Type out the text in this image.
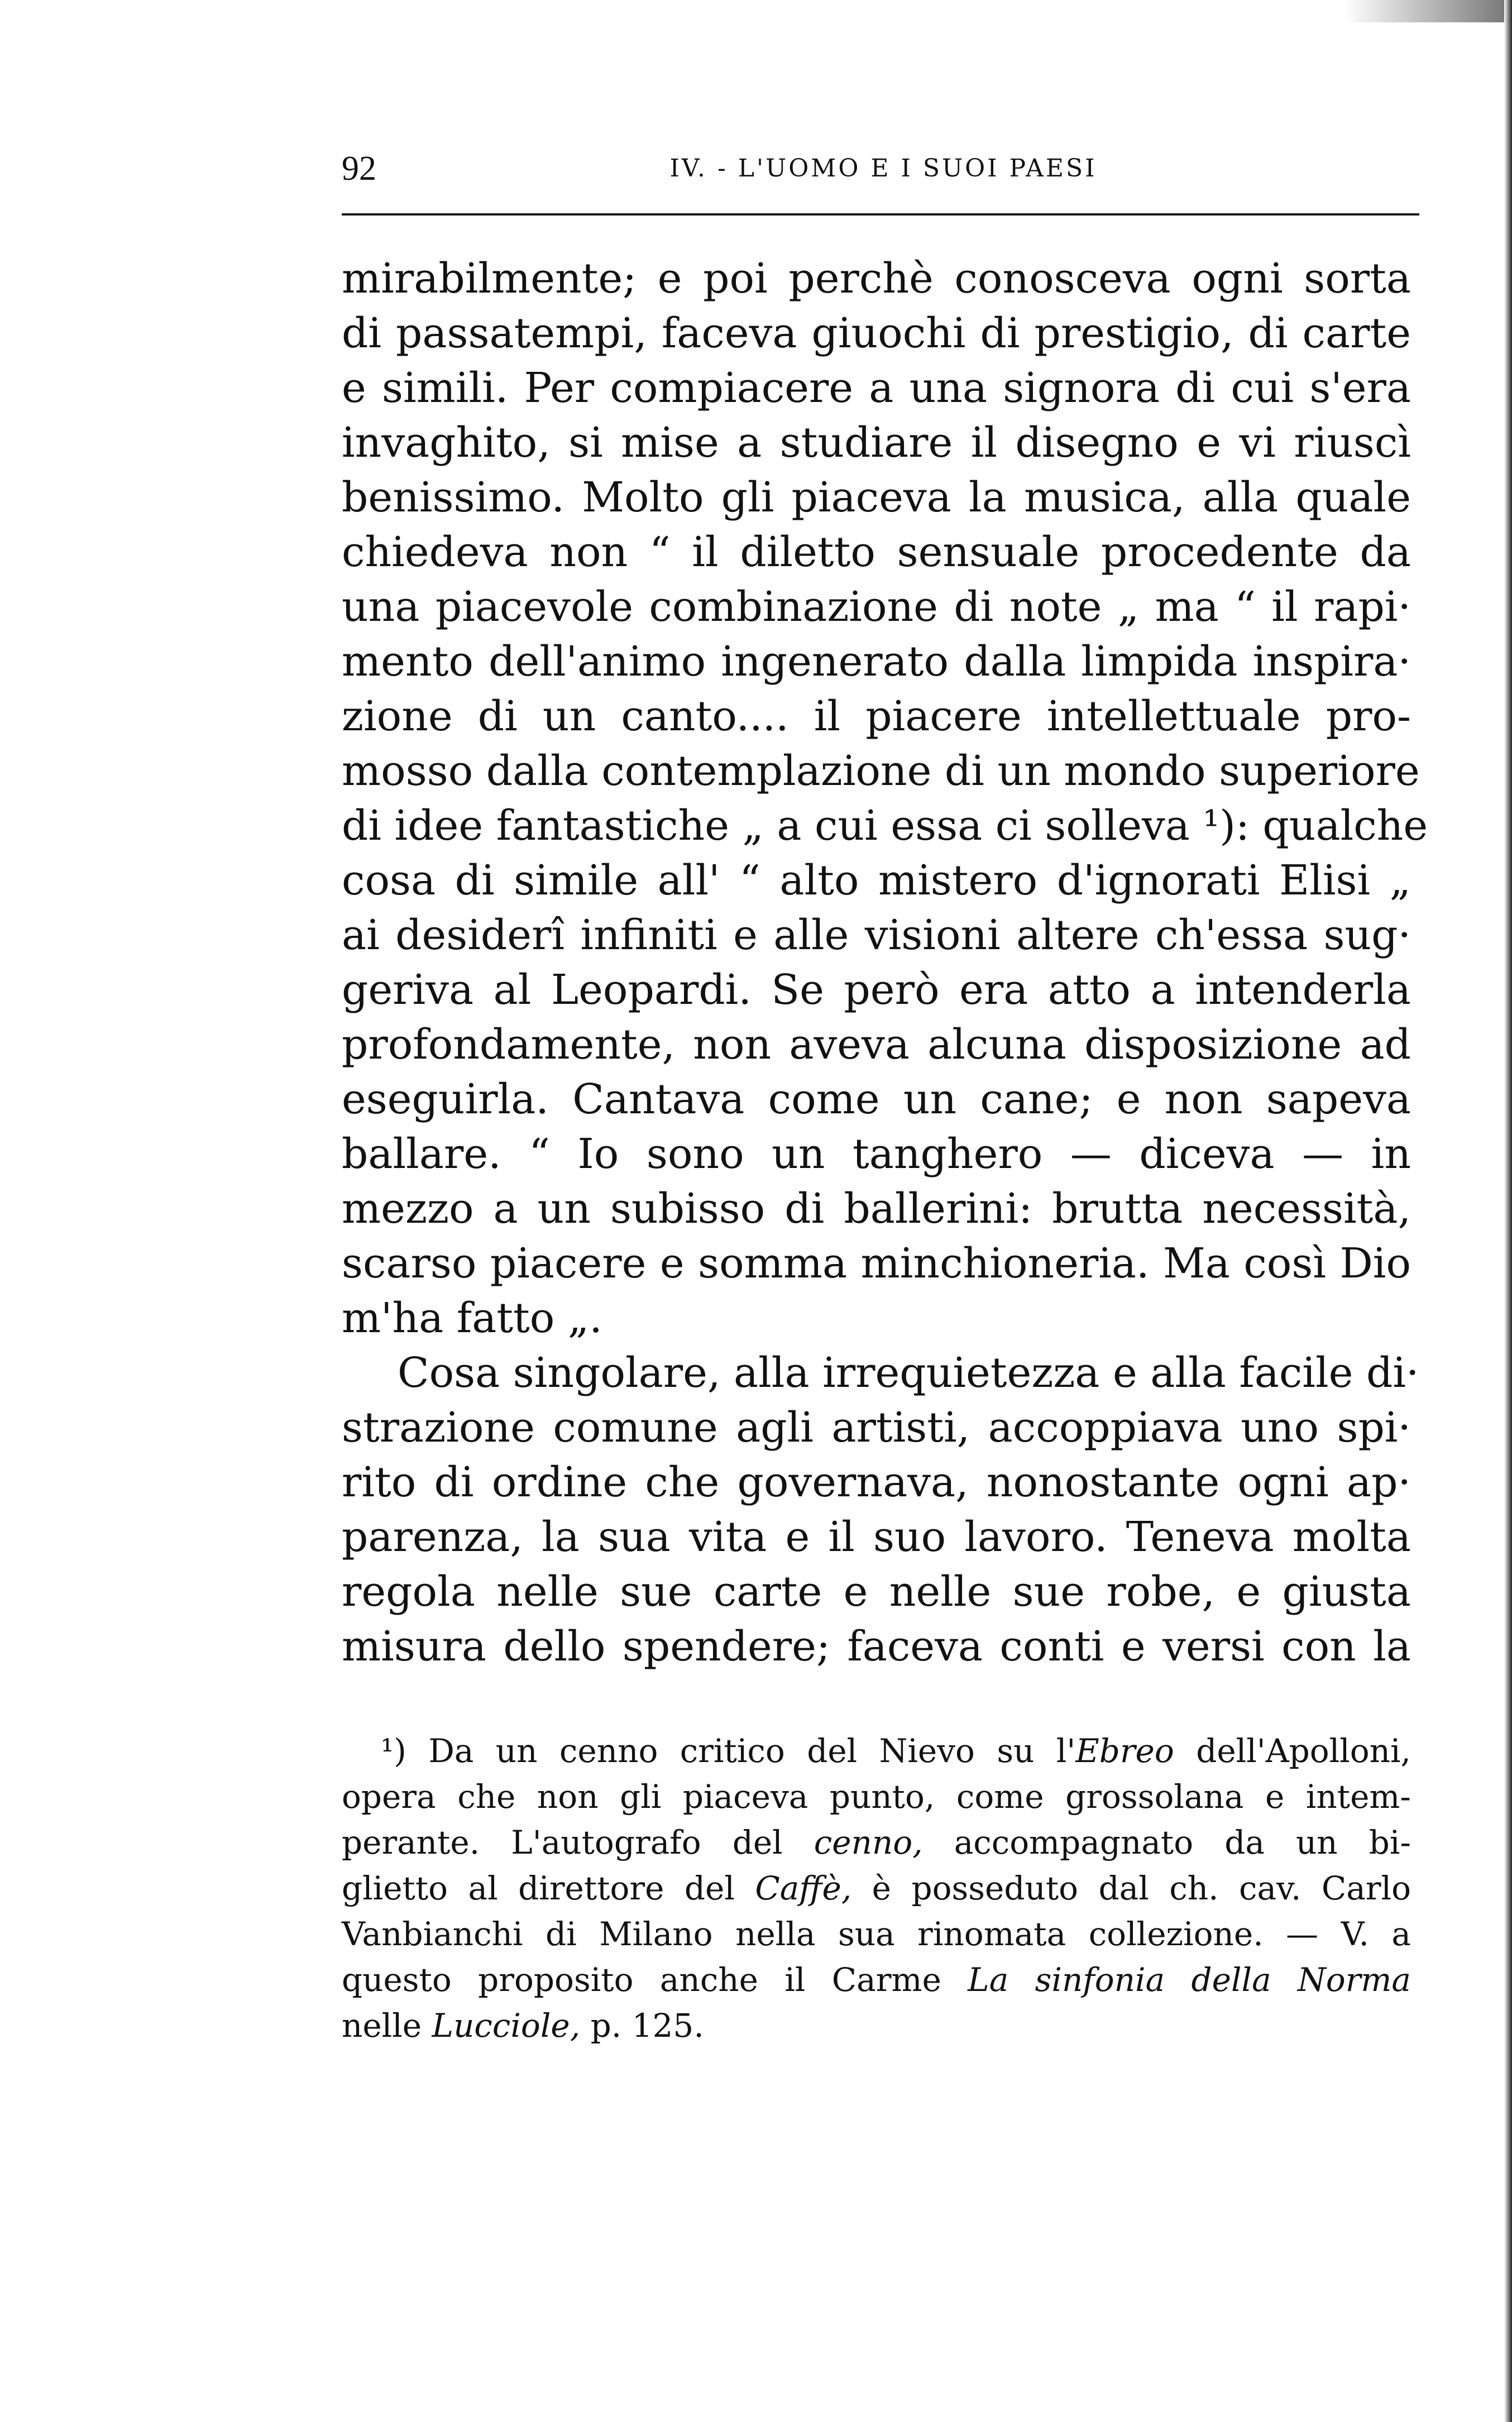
92	IV. - L'UOMO E I SUOI PAESI
mirabilmente; e poi perchè conosceva ogni sorta
di passatempi, faceva giuochi di prestigio, di carte
e simili. Per compiacere a una signora di cui s'era
invaghito, si mise a studiare il disegno e vi riuscì
benissimo. Molto gli piaceva la musica, alla quale
chiedeva non “ il diletto sensuale procedente da
una piacevole combinazione di note „ ma “ il rapi·
mento dell'animo ingenerato dalla limpida inspira·
zione di un canto.... il piacere intellettuale pro-
mosso dalla contemplazione di un mondo superiore
di idee fantastiche „ a cui essa ci solleva ¹): qualche
cosa di simile all' “ alto mistero d'ignorati Elisi „
ai desiderî infiniti e alle visioni altere ch'essa sug·
geriva al Leopardi. Se però era atto a intenderla
profondamente, non aveva alcuna disposizione ad
eseguirla. Cantava come un cane; e non sapeva
ballare. “ Io sono un tanghero — diceva — in
mezzo a un subisso di ballerini: brutta necessità,
scarso piacere e somma minchioneria. Ma così Dio
m'ha fatto „.
Cosa singolare, alla irrequietezza e alla facile di·
strazione comune agli artisti, accoppiava uno spi·
rito di ordine che governava, nonostante ogni ap·
parenza, la sua vita e il suo lavoro. Teneva molta
regola nelle sue carte e nelle sue robe, e giusta
misura dello spendere; faceva conti e versi con la
¹) Da un cenno critico del Nievo su l'Ebreo dell'Apolloni,
opera che non gli piaceva punto, come grossolana e intem-
perante. L'autografo del cenno, accompagnato da un bi-
glietto al direttore del Caffè, è posseduto dal ch. cav. Carlo
Vanbianchi di Milano nella sua rinomata collezione. — V. a
questo proposito anche il Carme La sinfonia della Norma
nelle Lucciole, p. 125.
